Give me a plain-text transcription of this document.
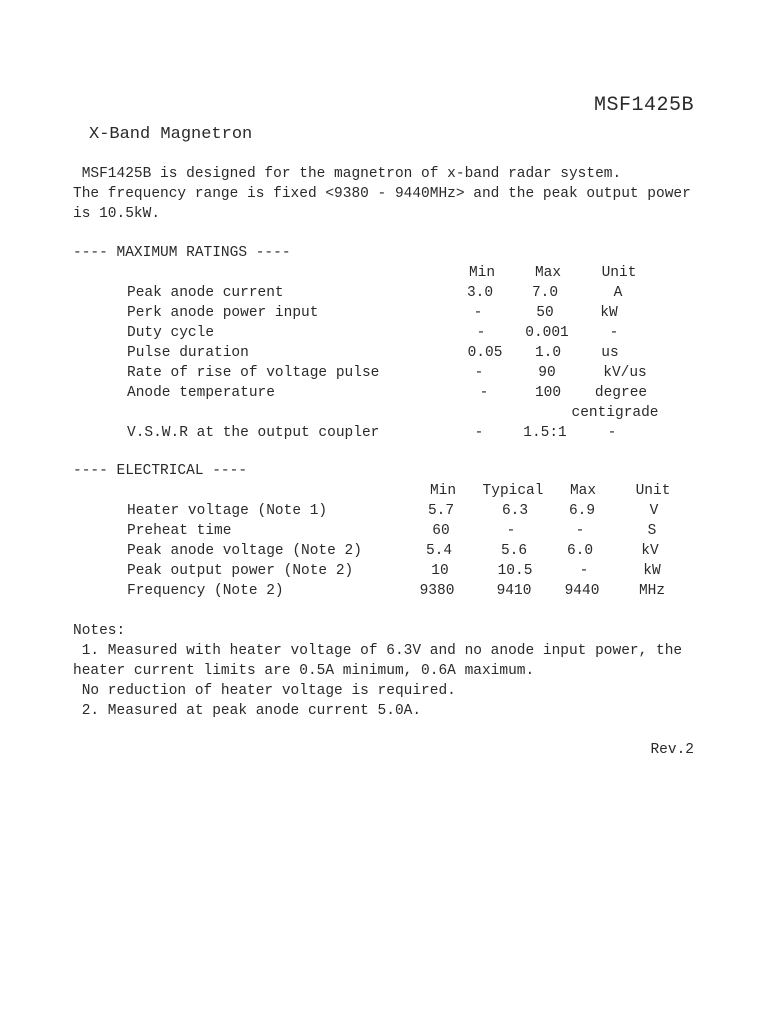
MSF1425B
X-Band Magnetron
MSF1425B is designed for the magnetron of x-band radar system.
The frequency range is fixed <9380 - 9440MHz> and the peak output power
is 10.5kW.
---- MAXIMUM RATINGS ----
Min	Max	Unit
Peak anode current	3.0	7.0	A
Perk anode power input	-	50	kW
Duty cycle	-	0.001	-
Pulse duration	0.05 1.0	us
Rate of rise of voltage pulse	-	90	kV/us
Anode temperature	-	100 degree
centigrade
V.S.W.R at the output coupler	-	1.5:1	-
---- ELECTRICAL ----
Min Typical Max	Unit
Heater voltage (Note 1)	5.7	6.3	6.9	V
Preheat time	60	-	-	S
Peak anode voltage (Note 2)	5.4	5.6	6.0	kV
Peak output power (Note 2)	10	10.5	-	kW
Frequency (Note 2)	9380	9410 9440	MHz
Notes:
1. Measured with heater voltage of 6.3V and no anode input power, the
heater current limits are 0.5A minimum, 0.6A maximum.
No reduction of heater voltage is required.
2. Measured at peak anode current 5.0A.
Rev.2
